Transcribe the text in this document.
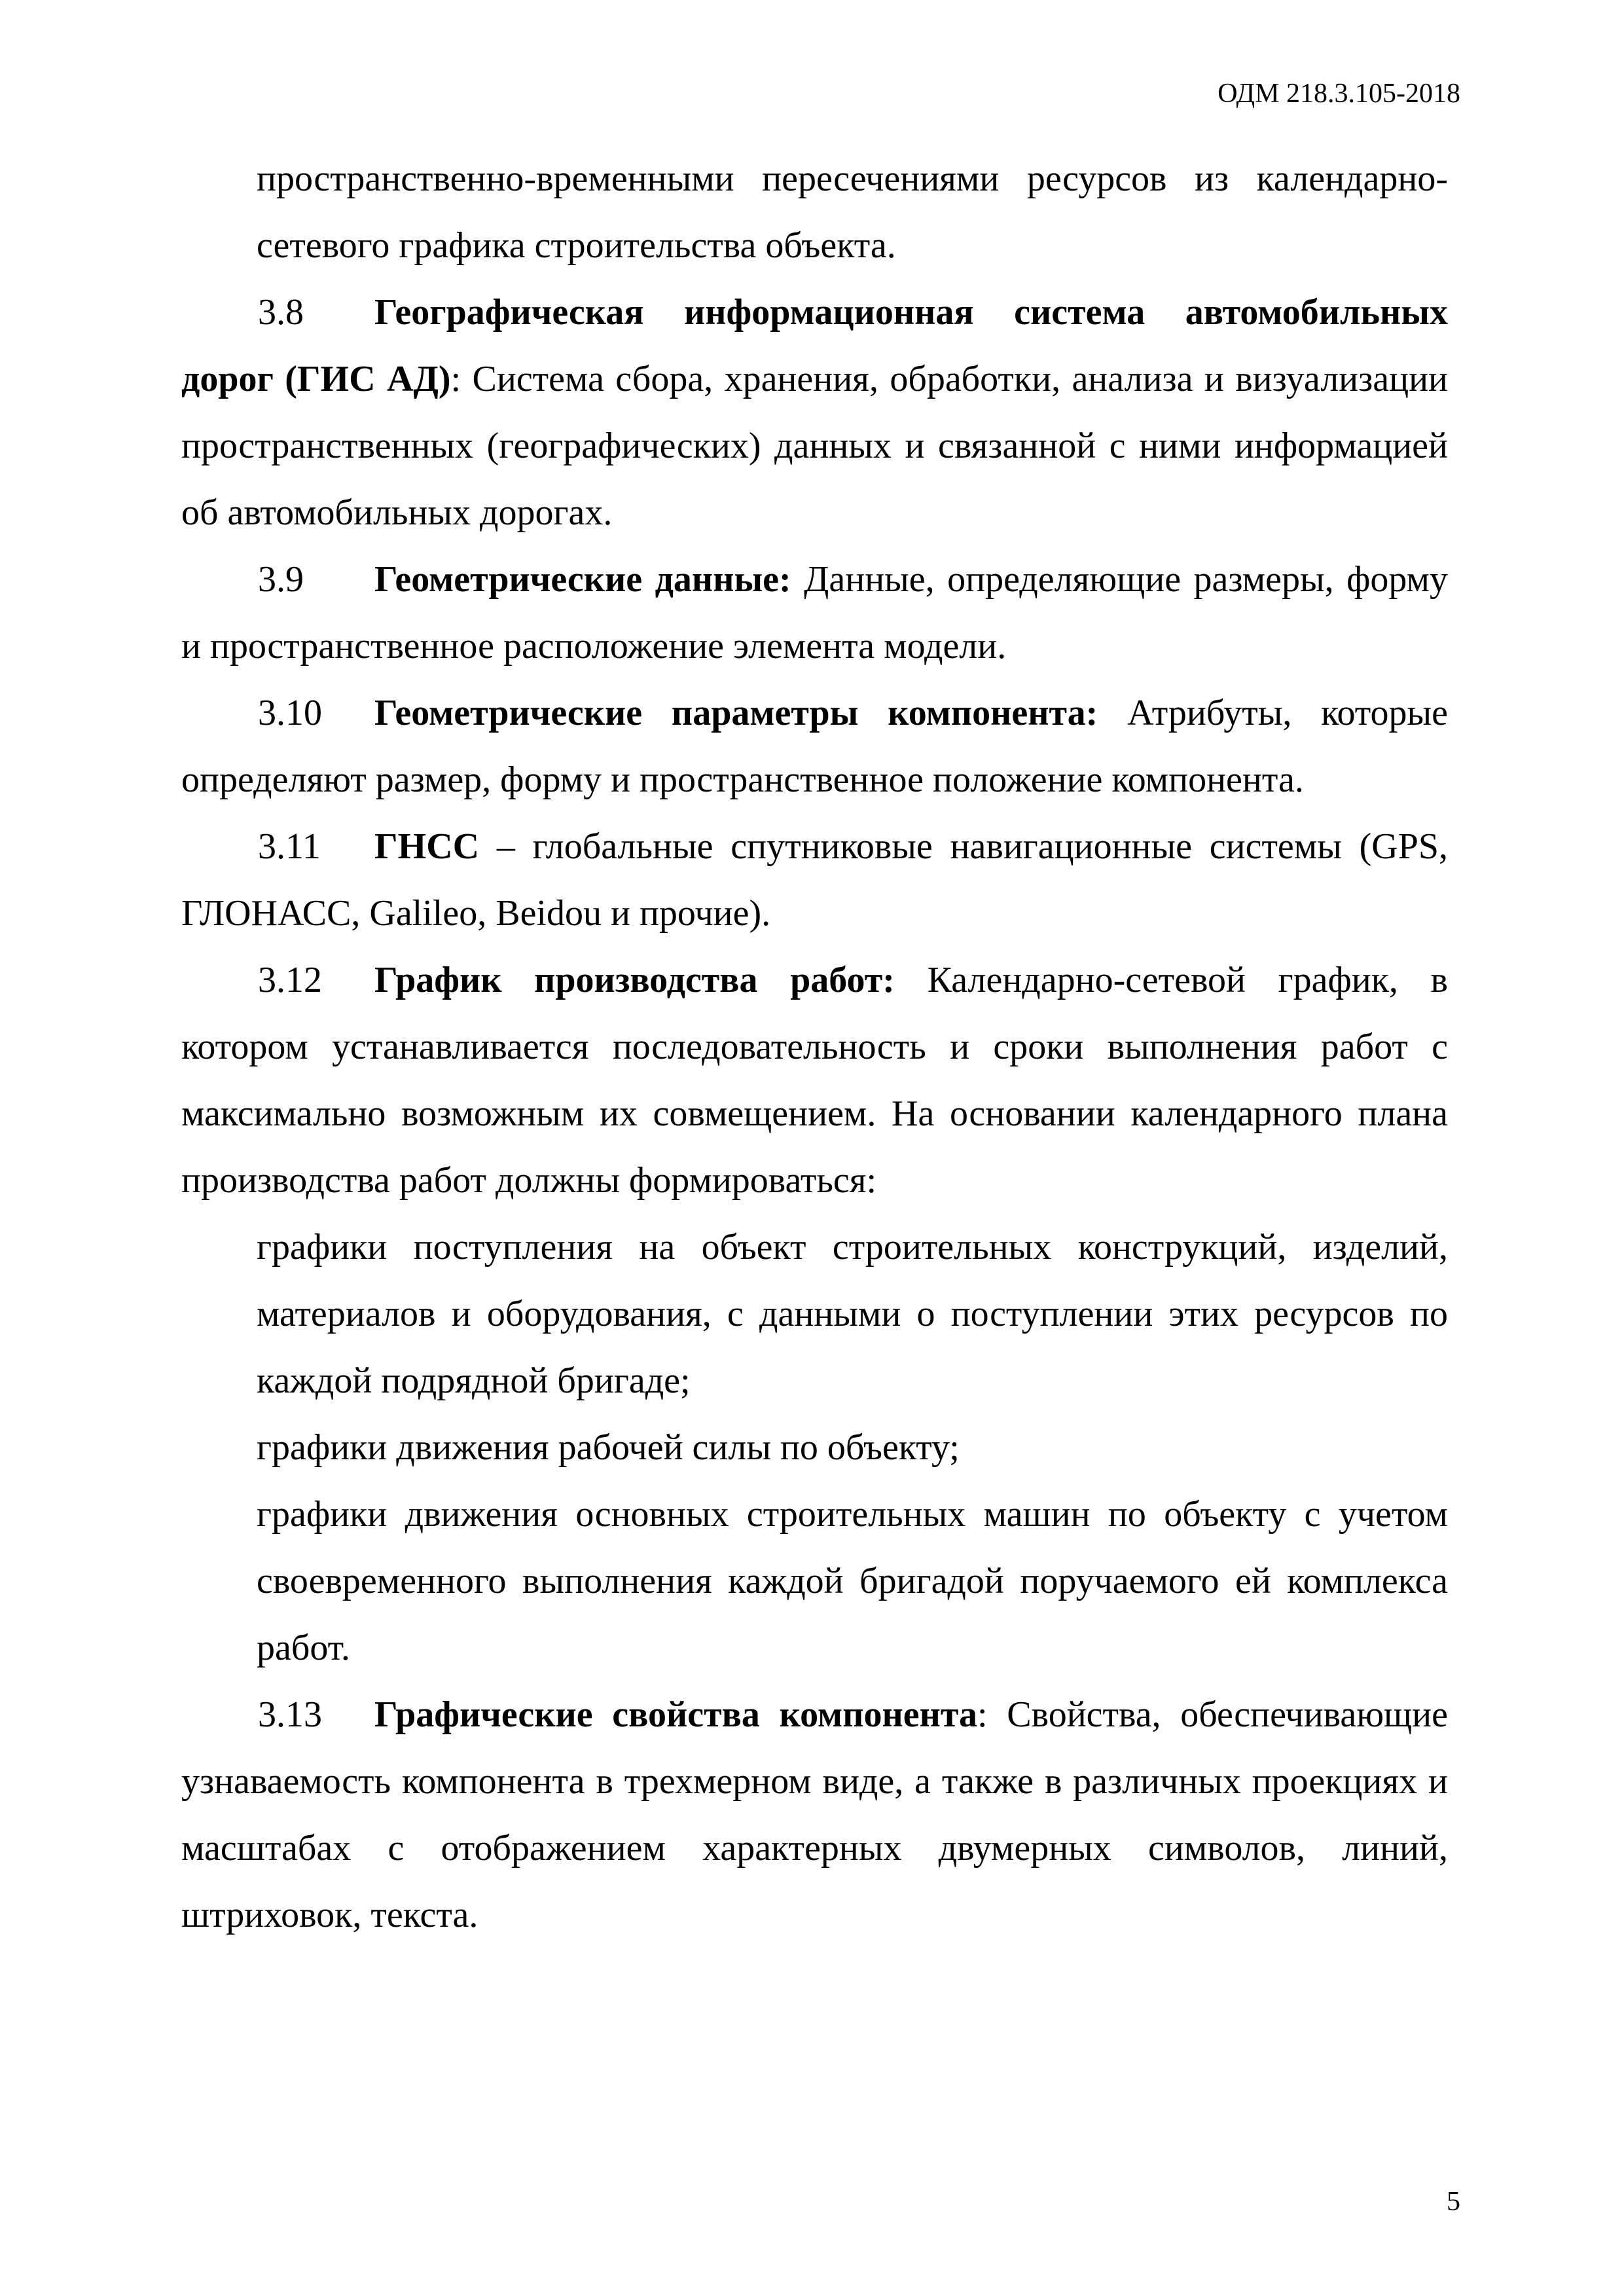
ОДМ 218.3.105-2018

пространственно-временными пересечениями ресурсов из календарно-сетевого графика строительства объекта.

3.8 Географическая информационная система автомобильных дорог (ГИС АД): Система сбора, хранения, обработки, анализа и визуализации пространственных (географических) данных и связанной с ними информацией об автомобильных дорогах.

3.9 Геометрические данные: Данные, определяющие размеры, форму и пространственное расположение элемента модели.

3.10 Геометрические параметры компонента: Атрибуты, которые определяют размер, форму и пространственное положение компонента.

3.11 ГНСС – глобальные спутниковые навигационные системы (GPS, ГЛОНАСС, Galileo, Beidou и прочие).

3.12 График производства работ: Календарно-сетевой график, в котором устанавливается последовательность и сроки выполнения работ с максимально возможным их совмещением. На основании календарного плана производства работ должны формироваться:

графики поступления на объект строительных конструкций, изделий, материалов и оборудования, с данными о поступлении этих ресурсов по каждой подрядной бригаде;

графики движения рабочей силы по объекту;

графики движения основных строительных машин по объекту с учетом своевременного выполнения каждой бригадой поручаемого ей комплекса работ.

3.13 Графические свойства компонента: Свойства, обеспечивающие узнаваемость компонента в трехмерном виде, а также в различных проекциях и масштабах с отображением характерных двумерных символов, линий, штриховок, текста.

5
